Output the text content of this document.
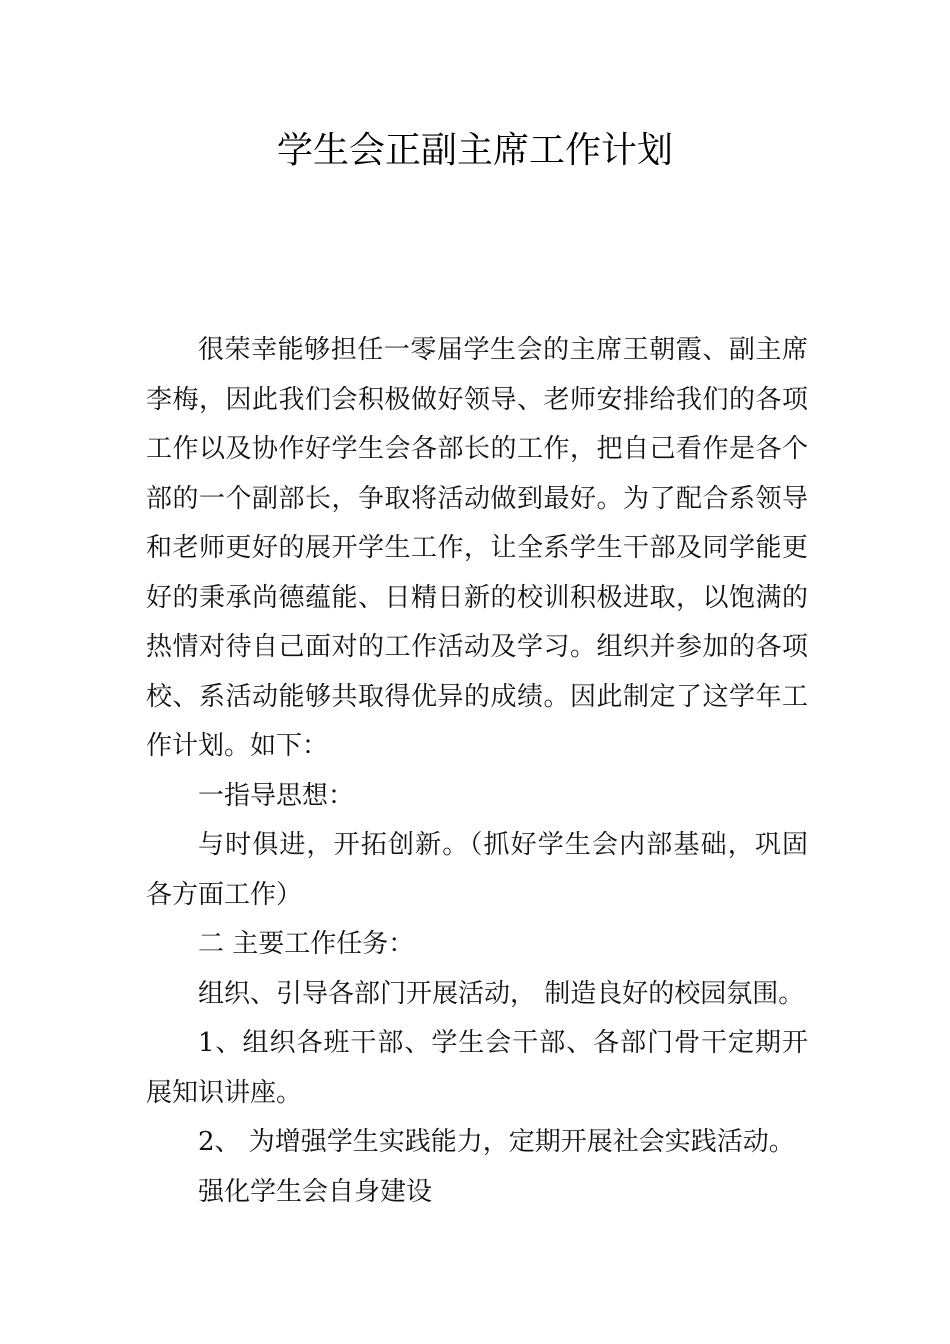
学生会正副主席工作计划

很荣幸能够担任一零届学生会的主席王朝霞、副主席李梅，因此我们会积极做好领导、老师安排给我们的各项工作以及协作好学生会各部长的工作，把自己看作是各个部的一个副部长，争取将活动做到最好。为了配合系领导和老师更好的展开学生工作，让全系学生干部及同学能更好的秉承尚德蕴能、日精日新的校训积极进取，以饱满的热情对待自己面对的工作活动及学习。组织并参加的各项校、系活动能够共取得优异的成绩。因此制定了这学年工作计划。如下：

一指导思想：

与时俱进，开拓创新。（抓好学生会内部基础，巩固各方面工作）

二 主要工作任务：

组织、引导各部门开展活动， 制造良好的校园氛围。

1、组织各班干部、学生会干部、各部门骨干定期开展知识讲座。

2、 为增强学生实践能力，定期开展社会实践活动。

强化学生会自身建设
